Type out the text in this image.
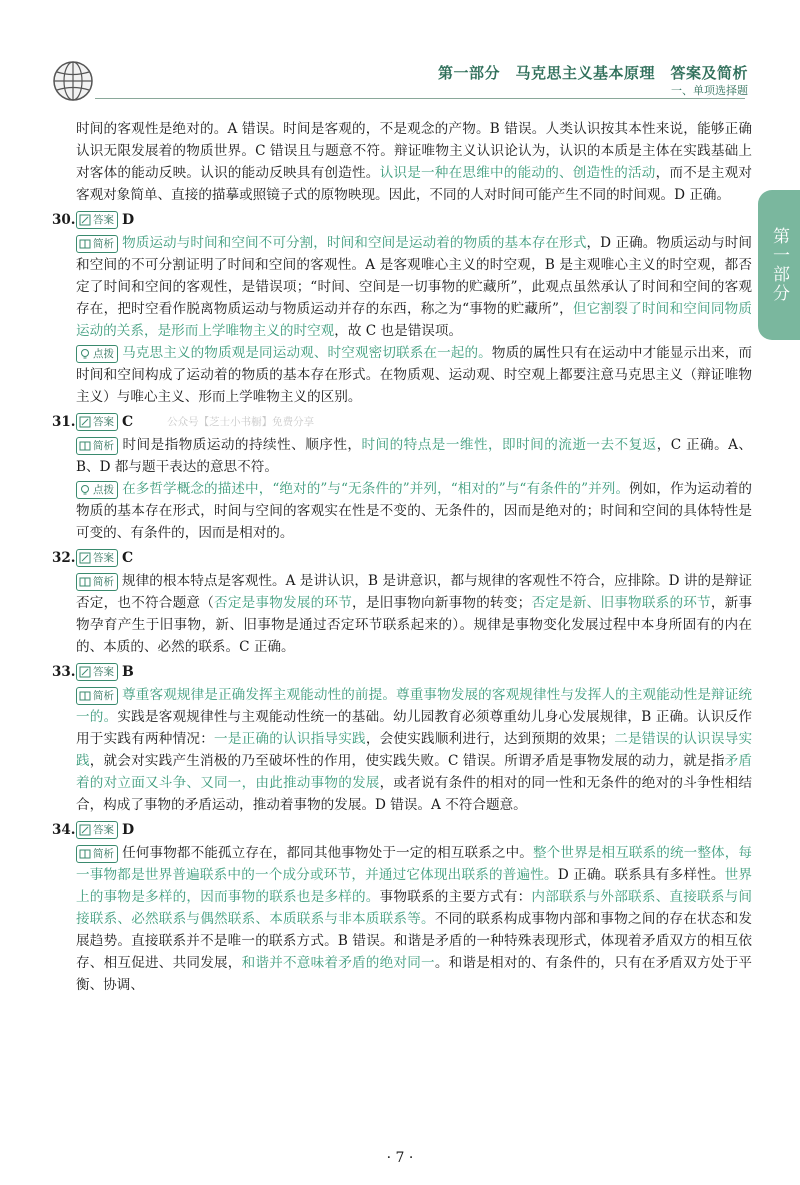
第一部分　马克思主义基本原理　答案及简析
一、单项选择题
第一部分

时间的客观性是绝对的。A 错误。时间是客观的，不是观念的产物。B 错误。人类认识按其本性来说，能够正确认识无限发展着的物质世界。C 错误且与题意不符。辩证唯物主义认识论认为，认识的本质是主体在实践基础上对客体的能动反映。认识的能动反映具有创造性。认识是一种在思维中的能动的、创造性的活动，而不是主观对客观对象简单、直接的描摹或照镜子式的原物映现。因此，不同的人对时间可能产生不同的时间观。D 正确。

30. 答案 D

简析 物质运动与时间和空间不可分割，时间和空间是运动着的物质的基本存在形式，D 正确。物质运动与时间和空间的不可分割证明了时间和空间的客观性。A 是客观唯心主义的时空观，B 是主观唯心主义的时空观，都否定了时间和空间的客观性，是错误项；“时间、空间是一切事物的贮藏所”，此观点虽然承认了时间和空间的客观存在，把时空看作脱离物质运动与物质运动并存的东西，称之为“事物的贮藏所”，但它割裂了时间和空间同物质运动的关系，是形而上学唯物主义的时空观，故 C 也是错误项。

点拨 马克思主义的物质观是同运动观、时空观密切联系在一起的。物质的属性只有在运动中才能显示出来，而时间和空间构成了运动着的物质的基本存在形式。在物质观、运动观、时空观上都要注意马克思主义（辩证唯物主义）与唯心主义、形而上学唯物主义的区别。

31. 答案 C	公众号【芝士小书橱】免费分享

简析 时间是指物质运动的持续性、顺序性，时间的特点是一维性，即时间的流逝一去不复返，C 正确。A、B、D 都与题干表达的意思不符。

点拨 在多哲学概念的描述中，“绝对的”与“无条件的”并列，“相对的”与“有条件的”并列。例如，作为运动着的物质的基本存在形式，时间与空间的客观实在性是不变的、无条件的，因而是绝对的；时间和空间的具体特性是可变的、有条件的，因而是相对的。

32. 答案 C

简析 规律的根本特点是客观性。A 是讲认识，B 是讲意识，都与规律的客观性不符合，应排除。D 讲的是辩证否定，也不符合题意（否定是事物发展的环节，是旧事物向新事物的转变；否定是新、旧事物联系的环节，新事物孕育产生于旧事物，新、旧事物是通过否定环节联系起来的）。规律是事物变化发展过程中本身所固有的内在的、本质的、必然的联系。C 正确。

33. 答案 B

简析 尊重客观规律是正确发挥主观能动性的前提。尊重事物发展的客观规律性与发挥人的主观能动性是辩证统一的。实践是客观规律性与主观能动性统一的基础。幼儿园教育必须尊重幼儿身心发展规律，B 正确。认识反作用于实践有两种情况：一是正确的认识指导实践，会使实践顺利进行，达到预期的效果；二是错误的认识误导实践，就会对实践产生消极的乃至破坏性的作用，使实践失败。C 错误。所谓矛盾是事物发展的动力，就是指矛盾着的对立面又斗争、又同一，由此推动事物的发展，或者说有条件的相对的同一性和无条件的绝对的斗争性相结合，构成了事物的矛盾运动，推动着事物的发展。D 错误。A 不符合题意。

34. 答案 D

简析 任何事物都不能孤立存在，都同其他事物处于一定的相互联系之中。整个世界是相互联系的统一整体，每一事物都是世界普遍联系中的一个成分或环节，并通过它体现出联系的普遍性。D 正确。联系具有多样性。世界上的事物是多样的，因而事物的联系也是多样的。事物联系的主要方式有：内部联系与外部联系、直接联系与间接联系、必然联系与偶然联系、本质联系与非本质联系等。不同的联系构成事物内部和事物之间的存在状态和发展趋势。直接联系并不是唯一的联系方式。B 错误。和谐是矛盾的一种特殊表现形式，体现着矛盾双方的相互依存、相互促进、共同发展，和谐并不意味着矛盾的绝对同一。和谐是相对的、有条件的，只有在矛盾双方处于平衡、协调、

· 7 ·
